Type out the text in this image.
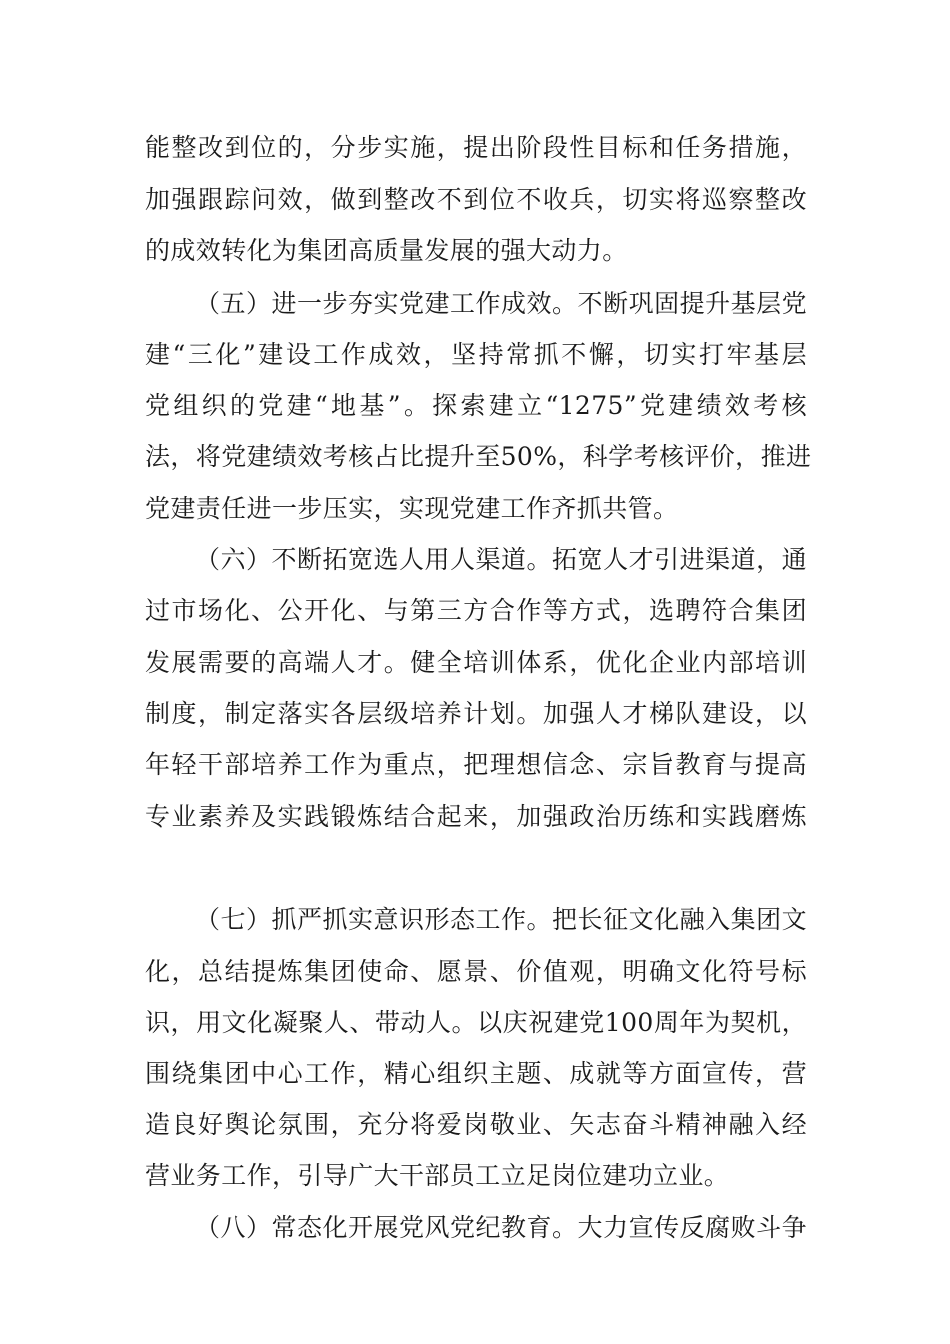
能整改到位的，分步实施，提出阶段性目标和任务措施，
加强跟踪问效，做到整改不到位不收兵，切实将巡察整改
的成效转化为集团高质量发展的强大动力。
（五）进一步夯实党建工作成效。不断巩固提升基层党
建“三化”建设工作成效，坚持常抓不懈，切实打牢基层
党组织的党建“地基”。探索建立“1275”党建绩效考核
法，将党建绩效考核占比提升至50%，科学考核评价，推进
党建责任进一步压实，实现党建工作齐抓共管。
（六）不断拓宽选人用人渠道。拓宽人才引进渠道，通
过市场化、公开化、与第三方合作等方式，选聘符合集团
发展需要的高端人才。健全培训体系，优化企业内部培训
制度，制定落实各层级培养计划。加强人才梯队建设，以
年轻干部培养工作为重点，把理想信念、宗旨教育与提高
专业素养及实践锻炼结合起来，加强政治历练和实践磨炼
（七）抓严抓实意识形态工作。把长征文化融入集团文
化，总结提炼集团使命、愿景、价值观，明确文化符号标
识，用文化凝聚人、带动人。以庆祝建党100周年为契机，
围绕集团中心工作，精心组织主题、成就等方面宣传，营
造良好舆论氛围，充分将爱岗敬业、矢志奋斗精神融入经
营业务工作，引导广大干部员工立足岗位建功立业。
（八）常态化开展党风党纪教育。大力宣传反腐败斗争
